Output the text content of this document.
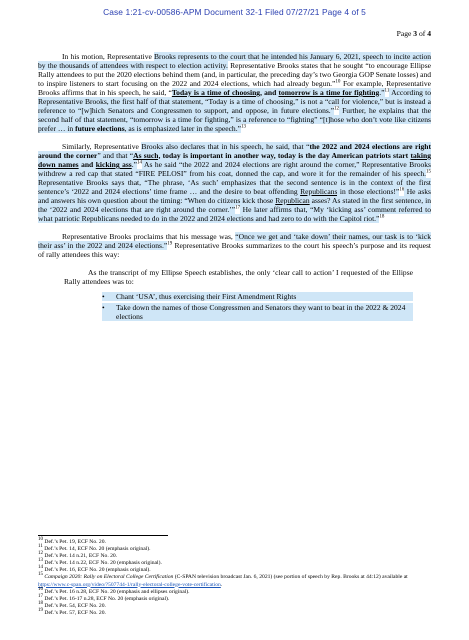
Case 1:21-cv-00586-APM Document 32-1 Filed 07/27/21 Page 4 of 5
Page 3 of 4

In his motion, Representative Brooks represents to the court that he intended his January 6, 2021, speech to incite action by the thousands of attendees with respect to election activity. Representative Brooks states that he sought “to encourage Ellipse Rally attendees to put the 2020 elections behind them (and, in particular, the preceding day’s two Georgia GOP Senate losses) and to inspire listeners to start focusing on the 2022 and 2024 elections, which had already begun.”$^{10}$ For example, Representative Brooks affirms that in his speech, he said, “Today is a time of choosing, and tomorrow is a time for fighting.”$^{11}$ According to Representative Brooks, the first half of that statement, “Today is a time of choosing,” is not a “call for violence,” but is instead a reference to “[w]hich Senators and Congressmen to support, and oppose, in future elections.”$^{12}$ Further, he explains that the second half of that statement, “tomorrow is a time for fighting,” is a reference to “fighting” “[t]hose who don’t vote like citizens prefer … in future elections, as is emphasized later in the speech.”$^{13}$

Similarly, Representative Brooks also declares that in his speech, he said, that “the 2022 and 2024 elections are right around the corner” and that “As such, today is important in another way, today is the day American patriots start taking down names and kicking ass.”$^{14}$ As he said “the 2022 and 2024 elections are right around the corner,” Representative Brooks withdrew a red cap that stated “FIRE PELOSI” from his coat, donned the cap, and wore it for the remainder of his speech.$^{15}$ Representative Brooks says that, “The phrase, ‘As such’ emphasizes that the second sentence is in the context of the first sentence’s ‘2022 and 2024 elections’ time frame … and the desire to beat offending Republicans in those elections!”$^{16}$ He asks and answers his own question about the timing: “When do citizens kick those Republican asses? As stated in the first sentence, in the ‘2022 and 2024 elections that are right around the corner.’”$^{17}$ He later affirms that, “My ‘kicking ass’ comment referred to what patriotic Republicans needed to do in the 2022 and 2024 elections and had zero to do with the Capitol riot.”$^{18}$

Representative Brooks proclaims that his message was, “Once we get and ‘take down’ their names, our task is to ‘kick their ass’ in the 2022 and 2024 elections.”$^{19}$ Representative Brooks summarizes to the court his speech’s purpose and its request of rally attendees this way:

As the transcript of my Ellipse Speech establishes, the only ‘clear call to action’ I requested of the Ellipse Rally attendees was to:

• Chant ‘USA’, thus exercising their First Amendment Rights
• Take down the names of those Congressmen and Senators they want to beat in the 2022 & 2024 elections
10 Def.’s Pet. 19, ECF No. 20.
11 Def.’s Pet. 14, ECF No. 20 (emphasis original).
12 Def.’s Pet. 14 n.21, ECF No. 20.
13 Def.’s Pet. 14 n.22, ECF No. 20 (emphasis original).
14 Def.’s Pet. 16, ECF No. 20 (emphasis original).
15 Campaign 2020: Rally on Electoral College Certification (C-SPAN television broadcast Jan. 6, 2021) (see portion of speech by Rep. Brooks at 44:12) available at https://www.c-span.org/video/?507744-1/rally-electoral-college-vote-certification.
16 Def.’s Pet. 16 n.28, ECF No. 20 (emphasis and ellipses original).
17 Def.’s Pet. 16-17 n.28, ECF No. 20 (emphasis original).
18 Def.’s Pet. 54, ECF No. 20.
19 Def.’s Pet. 57, ECF No. 20.
